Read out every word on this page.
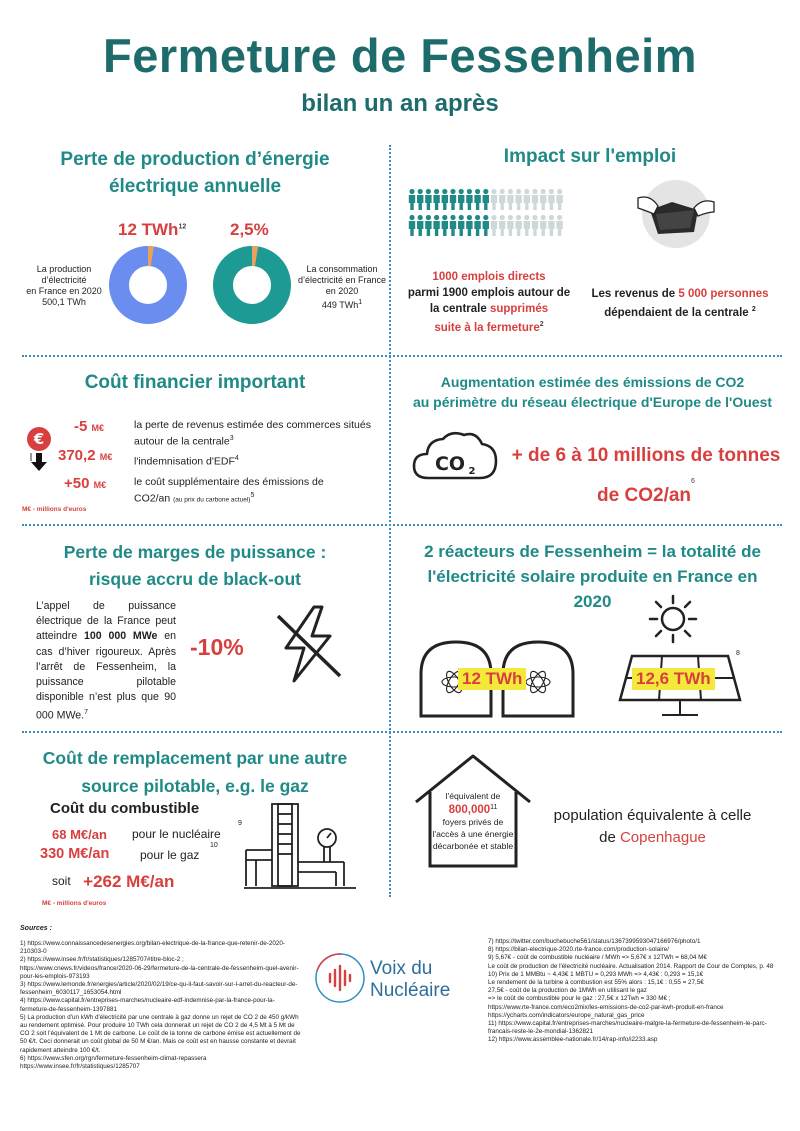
Fermeture de Fessenheim
bilan un an après
Perte de production d’énergie
électrique annuelle
12 TWh$^{12}$	2,5%
La production
d’électricité
en France en 2020
500,1 TWh
La consommation
d’électricité en France
en 2020
449 TWh$^1$
Impact sur l'emploi
1000 emplois directs
parmi 1900 emplois autour de
la centrale supprimés
suite à la fermeture$^2$
Les revenus de 5 000 personnes
dépendaient de la centrale $^2$
Coût financier important
€
-5 M€	la perte de revenus estimée des commerces situés autour de la centrale$^3$
370,2 M€ l'indemnisation $d'EDF^4$
+50 M€	le coût supplémentaire des émissions de CO2/an (au prix du carbone actuel)$^5$
M€ - millions d'euros
Augmentation estimée des émissions de CO2
au périmètre du réseau électrique d'Europe de l'Ouest
CO 2
+ de 6 à 10 millions de tonnes
de $CO2/an^6$
Perte de marges de puissance :
risque accru de black-out
L’appel de puissance électrique de la France peut atteindre 100 000 MWe en cas d’hiver rigoureux. Après l’arrêt de Fessenheim, la puissance pilotable disponible n’est plus que 90 000 MWe.$^7$
-10%
2 réacteurs de Fessenheim = la totalité de
l'électricité solaire produite en France en
2020
12 TWh	12,6 TWh
8
Coût de remplacement par une autre
source pilotable, e.g. le gaz
Coût du combustible
68 M€/an pour le nucléaire
9
330 M€/an	pour le gaz
10
soit +262 M€/an
M€ - millions d'euros
l'équivalent de
800,000$^{11}$
foyers privés de
l'accès à une énergie
décarbonée et stable
population équivalente à celle
de Copenhague
Sources :
1) https://www.connaissancedesenergies.org/bilan-electrique-de-la-france-que-retenir-de-2020-210303-0
2) https://www.insee.fr/fr/statistiques/1285707#titre-bloc-2 ;
https://www.cnews.fr/videos/france/2020-06-29/fermeture-de-la-centrale-de-fessenheim-quel-avenir-pour-les-emplois-973193
3) https://www.lemonde.fr/energies/article/2020/02/19/ce-qu-il-faut-savoir-sur-l-arret-du-reacteur-de-fessenheim_6030117_1653054.html
4) https://www.capital.fr/entreprises-marches/nucleaire-edf-indemnise-par-la-france-pour-la-fermeture-de-fessenheim-1397881
5) La production d'un kWh d'électricité par une centrale à gaz donne un rejet de CO 2 de 450 g/kWh au rendement optimisé. Pour produire 10 TWh cela donnerait un rejet de CO 2 de 4,5 Mt à 5 Mt de CO 2 soit l'équivalent de 1 Mt de carbone. Le coût de la tonne de carbone émise est actuellement de 50 €/t. Ceci donnerait un coût global de 50 M €/an. Mais ce coût est en hausse constante et devrait rapidement atteindre 100 €/t.
6) https://www.sfen.org/rgn/fermeture-fessenheim-climat-repassera
https://www.insee.fr/fr/statistiques/1285707
7) https://twitter.com/buchebuche561/status/1367399593047166976/photo/1
8) https://bilan-electrique-2020.rte-france.com/production-solaire/
9) 5,67€ - coût de combustible nucléaire / MWh => 5,67€ x 12TWh = 68,04 M€
Le coût de production de l'électricité nucléaire. Actualisation 2014. Rapport de Cour de Comptes, p. 48
10) Prix de 1 MMBtu ~ 4,43€ 1 MBTU = 0,293 MWh => 4,43€ : 0,293 = 15,1€
Le rendement de la turbine à combustion est 55% alors : 15,1€ : 0,55 = 27,5€
27,5€ - coût de la production de 1MWh en utilisant le gaz
=> le coût de combustible pour le gaz : 27,5€ x 12Twh = 330 M€ ;
https://www.rte-france.com/eco2mix/les-emissions-de-co2-par-kwh-produit-en-france
https://ycharts.com/indicators/europe_natural_gas_price
11) https://www.capital.fr/entreprises-marches/nucleaire-malgre-la-fermeture-de-fessenheim-le-parc-francais-reste-le-2e-mondial-1362821
12) https://www.assemblee-nationale.fr/14/rap-info/i2233.asp
Voix du
Nucléaire
